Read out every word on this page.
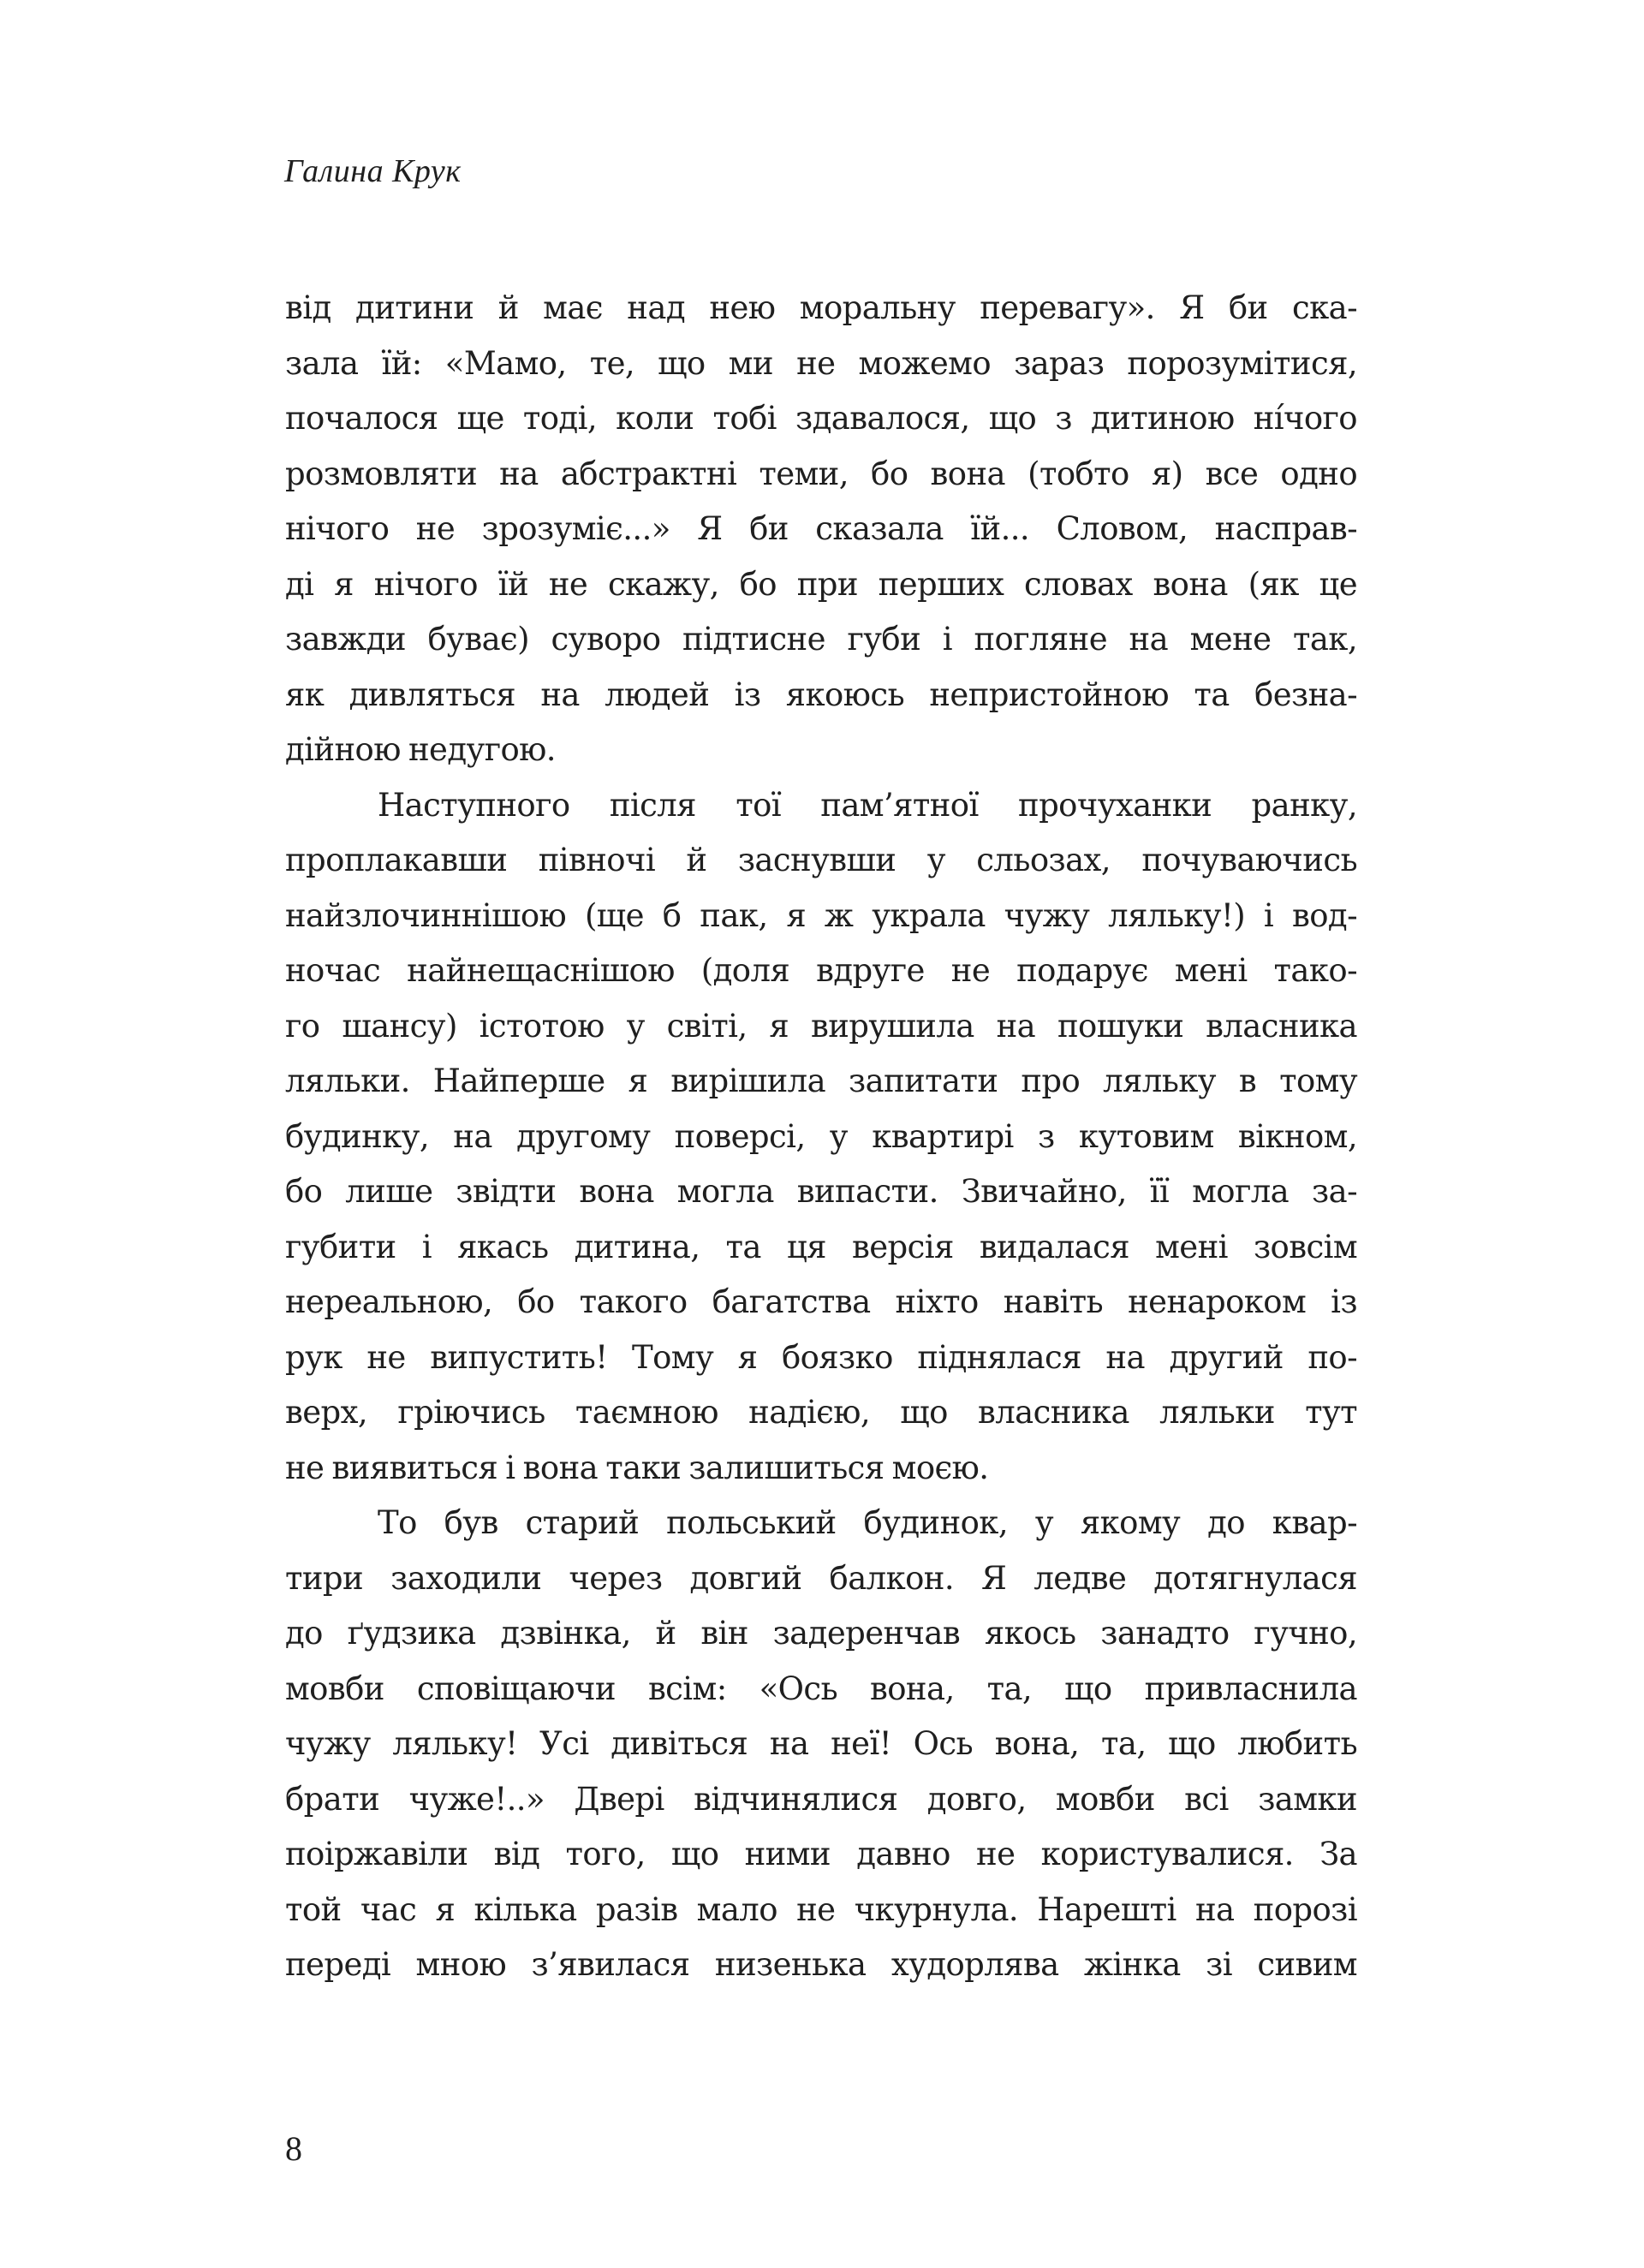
Галина Крук
від дитини й має над нею моральну перевагу». Я би ска-
зала їй: «Мамо, те, що ми не можемо зараз порозумітися,
почалося ще тоді, коли тобі здавалося, що з дитиною нíчого
розмовляти на абстрактні теми, бо вона (тобто я) все одно
нічого не зрозуміє...» Я би сказала їй... Словом, насправ-
ді я нічого їй не скажу, бо при перших словах вона (як це
завжди буває) суворо підтисне губи і погляне на мене так,
як дивляться на людей із якоюсь непристойною та безна-
дійною недугою.
Наступного після тої пам’ятної прочуханки ранку,
проплакавши півночі й заснувши у сльозах, почуваючись
найзлочиннішою (ще б пак, я ж украла чужу ляльку!) і вод-
ночас найнещаснішою (доля вдруге не подарує мені тако-
го шансу) істотою у світі, я вирушила на пошуки власника
ляльки. Найперше я вирішила запитати про ляльку в тому
будинку, на другому поверсі, у квартирі з кутовим вікном,
бо лише звідти вона могла випасти. Звичайно, її могла за-
губити і якась дитина, та ця версія видалася мені зовсім
нереальною, бо такого багатства ніхто навіть ненароком із
рук не випустить! Тому я боязко піднялася на другий по-
верх, гріючись таємною надією, що власника ляльки тут
не виявиться і вона таки залишиться моєю.
То був старий польський будинок, у якому до квар-
тири заходили через довгий балкон. Я ледве дотягнулася
до ґудзика дзвінка, й він задеренчав якось занадто гучно,
мовби сповіщаючи всім: «Ось вона, та, що привласнила
чужу ляльку! Усі дивіться на неї! Ось вона, та, що любить
брати чуже!..» Двері відчинялися довго, мовби всі замки
поіржавіли від того, що ними давно не користувалися. За
той час я кілька разів мало не чкурнула. Нарешті на порозі
переді мною з’явилася низенька худорлява жінка зі сивим
8
